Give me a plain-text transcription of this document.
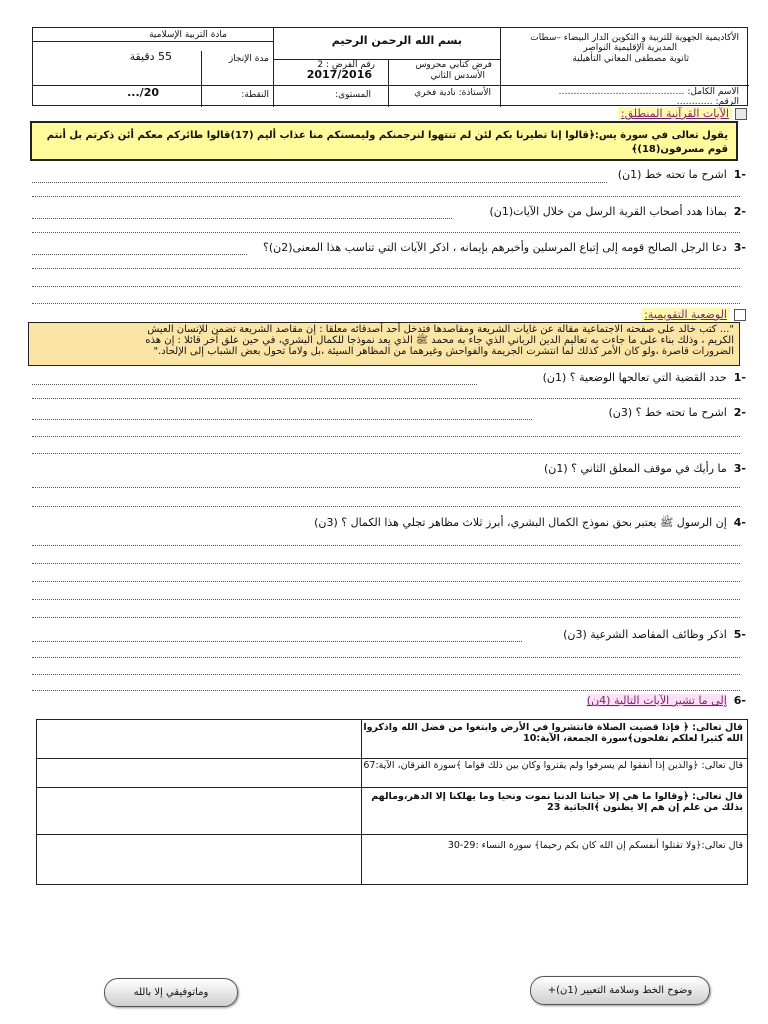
الأكاديمية الجهوية للتربية و التكوين الدار البيضاء –سطات
المديرية الإقليمية النواصر
ثانوية مصطفى المعاني التأهيلية
الاسم الكامل: ……………………………………
الرقم: …………
بسم الله الرحمن الرحيم
فرض كتابي محروس
رقم الفرض : 2
الأسدس الثاني
2017/2016
الأستاذة: نادية فخري
المستوى:
مادة التربية الإسلامية
مدة الإنجاز
55 دقيقة
النقطة:
20/...
الآيات القرآنية المنطلق:
يقول تعالى في سورة يس:﴿قالوا إنا تطيرنا بكم لئن لم تنتهوا لنرجمنكم وليمسنكم منا عذاب أليم (17)قالوا طائركم معكم أئن ذكرتم بل أنتم قوم مسرفون(18)﴾
-1  اشرح ما تحته خط (1ن)
-2  بماذا هدد أصحاب القرية الرسل من خلال الآيات(1ن)
-3  دعا الرجل الصالح قومه إلى إتباع المرسلين وأخبرهم بإيمانه ، اذكر الآيات التي تناسب هذا المعنى(2ن)؟
الوضعية التقويمية:
"... كتب خالد على صفحته الاجتماعية مقالة عن غايات الشريعة ومقاصدها فتدخل أحد أصدقائه معلقا : إن مقاصد الشريعة تضمن للإنسان العيش
الكريم ، وذلك بناء على ما جاءت به تعاليم الدين الرباني الذي جاء به محمد ﷺ الذي يعد نموذجا للكمال البشري، في حين علق آخر قائلا : إن هذه
الضرورات قاصرة ،ولو كان الأمر كذلك لما انتشرت الجريمة والفواحش وغيرهما من المظاهر السيئة ،بل ولاما تحول بعض الشباب إلى الإلحاد."
-1  حدد القضية التي تعالجها الوضعية ؟ (1ن)
-2  اشرح ما تحته خط ؟ (3ن)
-3  ما رأيك في موقف المعلق الثاني ؟ (1ن)
-4  إن الرسول ﷺ يعتبر بحق نموذج الكمال البشري، أبرز ثلاث مظاهر تجلي هذا الكمال ؟ (3ن)
-5  اذكر وظائف المقاصد الشرعية (3ن)
-6  إلى ما تشير الآيات التالية (4ن)
قال تعالى: ﴿ فإذا قضيت الصلاة فانتشروا في الأرض وابتغوا من فضل الله واذكروا الله كثيرا لعلكم تفلحون﴾سورة الجمعة، الآية:10
قال تعالى: ﴿والذين إذا أنفقوا لم يسرفوا ولم يقتروا وكان بين ذلك قواما ﴾سورة الفرقان، الآية:67
قال تعالى: ﴿وقالوا ما هي إلا حياتنا الدنيا نموت ونحيا وما يهلكنا إلا الدهر،ومالهم بذلك من علم إن هم إلا يظنون ﴾الجاثية 23
قال تعالى:﴿ولا تقتلوا أنفسكم إن الله كان بكم رحيما﴾ سورة النساء :29-30
وضوح الخط وسلامة التعبير (1ن)+
وماتوفيقي إلا بالله
